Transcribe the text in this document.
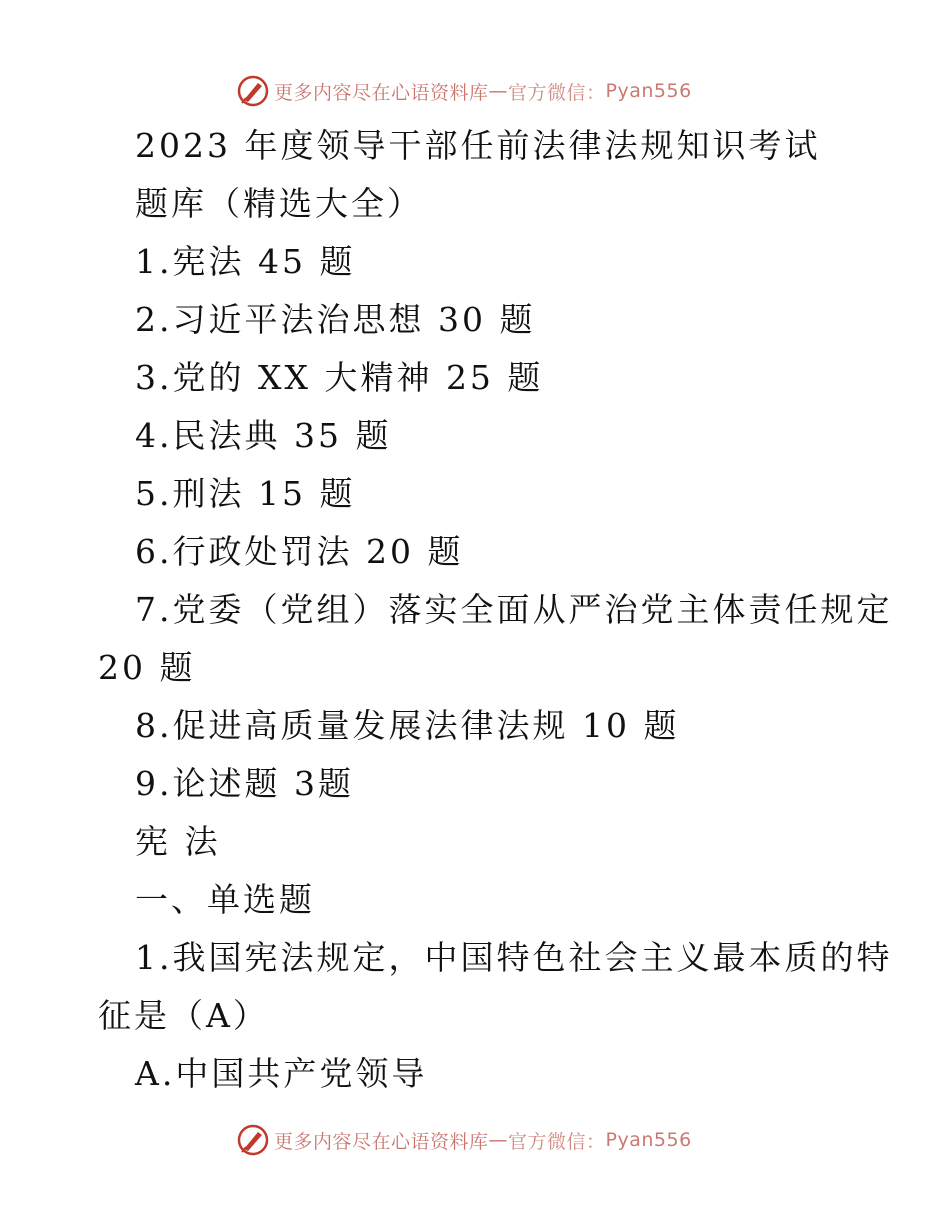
更多内容尽在心语资料库 — 官方微信： Pyan556
2023 年度领导干部任前法律法规知识考试
题库（精选大全）
1.宪法 45 题
2.习近平法治思想 30 题
3.党的 XX 大精神 25 题
4.民法典 35 题
5.刑法 15 题
6.行政处罚法 20 题
7.党委（党组）落实全面从严治党主体责任规定
20 题
8.促进高质量发展法律法规 10 题
9.论述题 3题
宪 法
一、单选题
1.我国宪法规定，中国特色社会主义最本质的特
征是（A）
A.中国共产党领导
更多内容尽在心语资料库 — 官方微信： Pyan556
